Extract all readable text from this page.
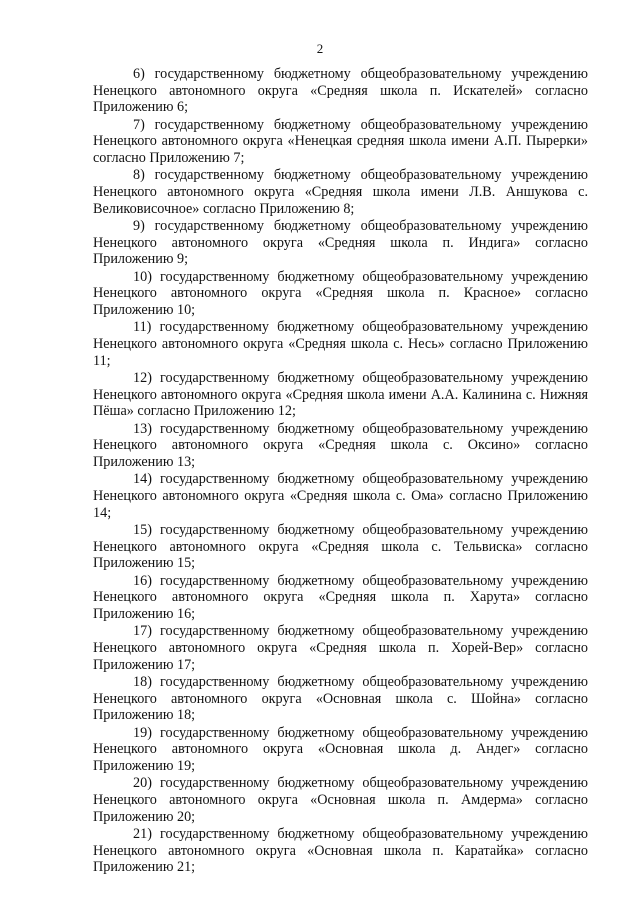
2

6) государственному бюджетному общеобразовательному учреждению Ненецкого автономного округа «Средняя школа п. Искателей» согласно Приложению 6;

7) государственному бюджетному общеобразовательному учреждению Ненецкого автономного округа «Ненецкая средняя школа имени А.П. Пырерки» согласно Приложению 7;

8) государственному бюджетному общеобразовательному учреждению Ненецкого автономного округа «Средняя школа имени Л.В. Аншукова с. Великовисочное» согласно Приложению 8;

9) государственному бюджетному общеобразовательному учреждению Ненецкого автономного округа «Средняя школа п. Индига» согласно Приложению 9;

10) государственному бюджетному общеобразовательному учреждению Ненецкого автономного округа «Средняя школа п. Красное» согласно Приложению 10;

11) государственному бюджетному общеобразовательному учреждению Ненецкого автономного округа «Средняя школа с. Несь» согласно Приложению 11;

12) государственному бюджетному общеобразовательному учреждению Ненецкого автономного округа «Средняя школа имени А.А. Калинина с. Нижняя Пёша» согласно Приложению 12;

13) государственному бюджетному общеобразовательному учреждению Ненецкого автономного округа «Средняя школа с. Оксино» согласно Приложению 13;

14) государственному бюджетному общеобразовательному учреждению Ненецкого автономного округа «Средняя школа с. Ома» согласно Приложению 14;

15) государственному бюджетному общеобразовательному учреждению Ненецкого автономного округа «Средняя школа с. Тельвиска» согласно Приложению 15;

16) государственному бюджетному общеобразовательному учреждению Ненецкого автономного округа «Средняя школа п. Харута» согласно Приложению 16;

17) государственному бюджетному общеобразовательному учреждению Ненецкого автономного округа «Средняя школа п. Хорей-Вер» согласно Приложению 17;

18) государственному бюджетному общеобразовательному учреждению Ненецкого автономного округа «Основная школа с. Шойна» согласно Приложению 18;

19) государственному бюджетному общеобразовательному учреждению Ненецкого автономного округа «Основная школа д. Андег» согласно Приложению 19;

20) государственному бюджетному общеобразовательному учреждению Ненецкого автономного округа «Основная школа п. Амдерма» согласно Приложению 20;

21) государственному бюджетному общеобразовательному учреждению Ненецкого автономного округа «Основная школа п. Каратайка» согласно Приложению 21;
